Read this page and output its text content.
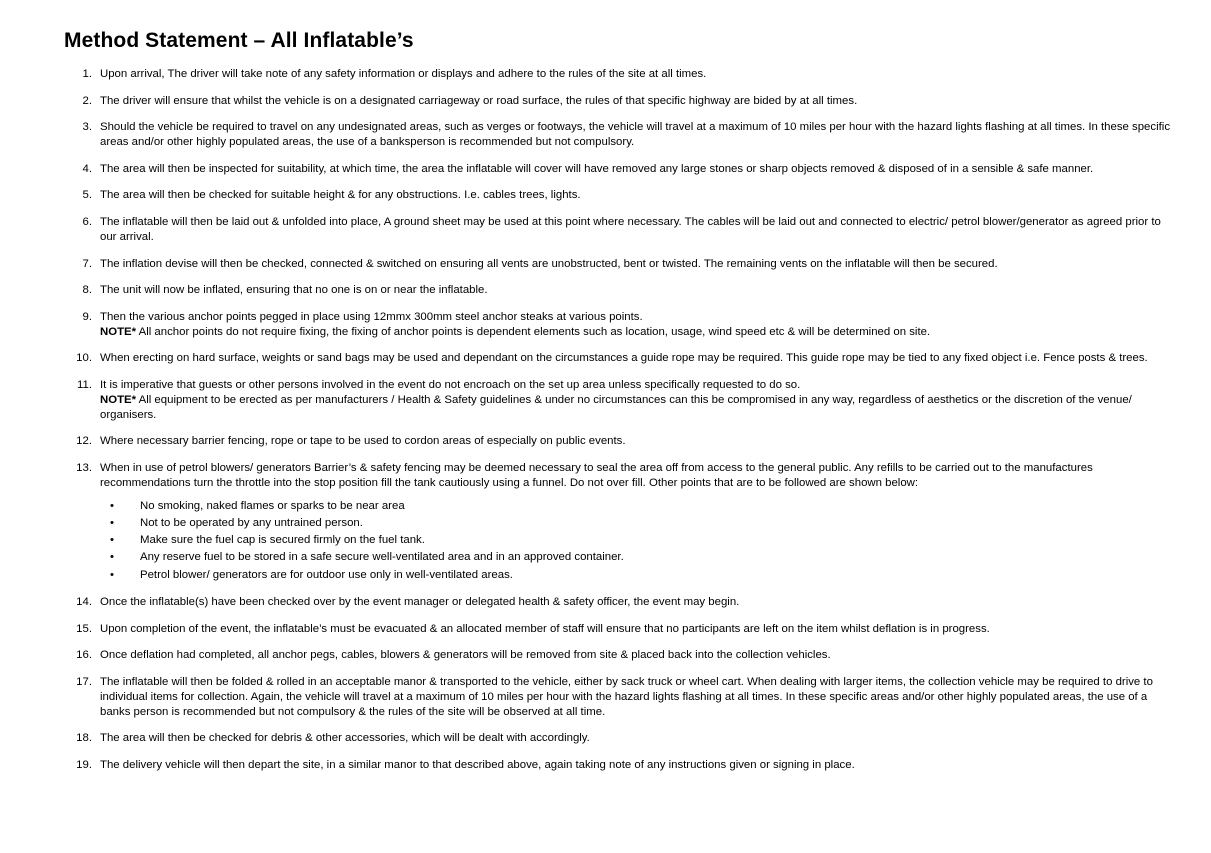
Method Statement – All Inflatable’s
1. Upon arrival, The driver will take note of any safety information or displays and adhere to the rules of the site at all times.
2. The driver will ensure that whilst the vehicle is on a designated carriageway or road surface, the rules of that specific highway are bided by at all times.
3. Should the vehicle be required to travel on any undesignated areas, such as verges or footways, the vehicle will travel at a maximum of 10 miles per hour with the hazard lights flashing at all times. In these specific areas and/or other highly populated areas, the use of a banksperson is recommended but not compulsory.
4. The area will then be inspected for suitability, at which time, the area the inflatable will cover will have removed any large stones or sharp objects removed & disposed of in a sensible & safe manner.
5. The area will then be checked for suitable height & for any obstructions. I.e. cables trees, lights.
6. The inflatable will then be laid out & unfolded into place, A ground sheet may be used at this point where necessary. The cables will be laid out and connected to electric/ petrol blower/generator as agreed prior to our arrival.
7. The inflation devise will then be checked, connected & switched on ensuring all vents are unobstructed, bent or twisted. The remaining vents on the inflatable will then be secured.
8. The unit will now be inflated, ensuring that no one is on or near the inflatable.
9. Then the various anchor points pegged in place using 12mmx 300mm steel anchor steaks at various points.
NOTE* All anchor points do not require fixing, the fixing of anchor points is dependent elements such as location, usage, wind speed etc & will be determined on site.
10. When erecting on hard surface, weights or sand bags may be used and dependant on the circumstances a guide rope may be required. This guide rope may be tied to any fixed object i.e. Fence posts & trees.
11. It is imperative that guests or other persons involved in the event do not encroach on the set up area unless specifically requested to do so.
NOTE* All equipment to be erected as per manufacturers / Health & Safety guidelines & under no circumstances can this be compromised in any way, regardless of aesthetics or the discretion of the venue/ organisers.
12. Where necessary barrier fencing, rope or tape to be used to cordon areas of especially on public events.
13. When in use of petrol blowers/ generators Barrier’s & safety fencing may be deemed necessary to seal the area off from access to the general public. Any refills to be carried out to the manufactures recommendations turn the throttle into the stop position fill the tank cautiously using a funnel. Do not over fill. Other points that are to be followed are shown below:
• No smoking, naked flames or sparks to be near area
• Not to be operated by any untrained person.
• Make sure the fuel cap is secured firmly on the fuel tank.
• Any reserve fuel to be stored in a safe secure well-ventilated area and in an approved container.
• Petrol blower/ generators are for outdoor use only in well-ventilated areas.
14. Once the inflatable(s) have been checked over by the event manager or delegated health & safety officer, the event may begin.
15. Upon completion of the event, the inflatable’s must be evacuated & an allocated member of staff will ensure that no participants are left on the item whilst deflation is in progress.
16. Once deflation had completed, all anchor pegs, cables, blowers & generators will be removed from site & placed back into the collection vehicles.
17. The inflatable will then be folded & rolled in an acceptable manor & transported to the vehicle, either by sack truck or wheel cart. When dealing with larger items, the collection vehicle may be required to drive to individual items for collection. Again, the vehicle will travel at a maximum of 10 miles per hour with the hazard lights flashing at all times. In these specific areas and/or other highly populated areas, the use of a banks person is recommended but not compulsory & the rules of the site will be observed at all time.
18. The area will then be checked for debris & other accessories, which will be dealt with accordingly.
19. The delivery vehicle will then depart the site, in a similar manor to that described above, again taking note of any instructions given or signing in place.
